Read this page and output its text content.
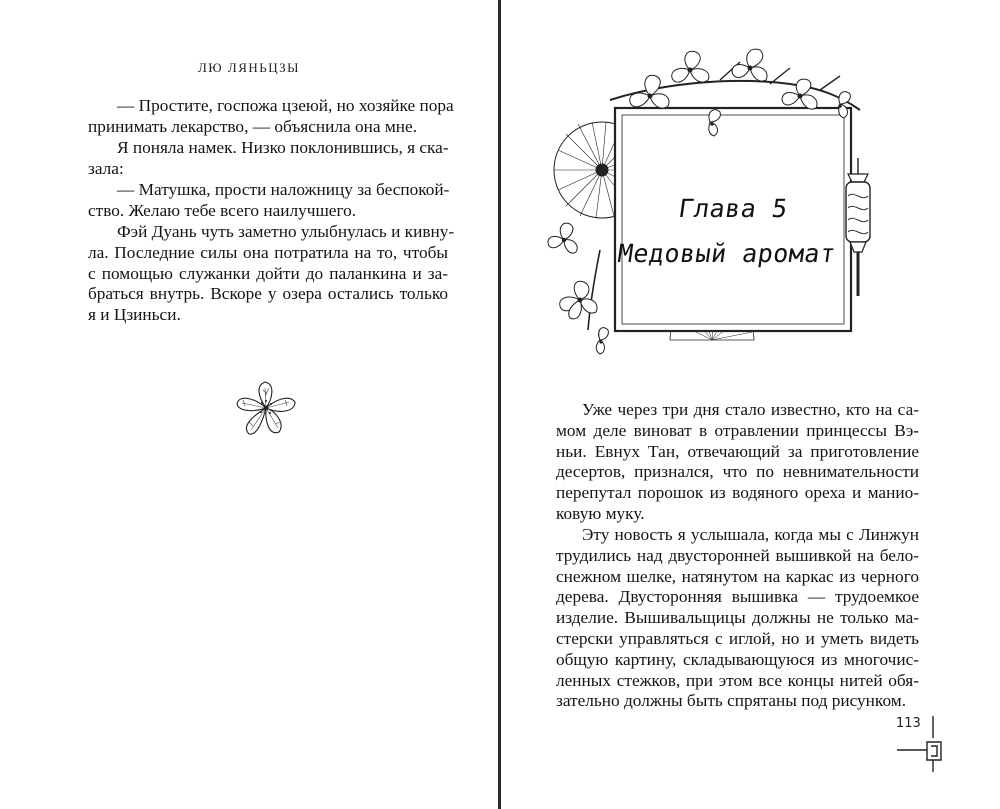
ЛЮ ЛЯНЬЦЗЫ
— Простите, госпожа цзеюй, но хозяйке пора
принимать лекарство, — объяснила она мне.
Я поняла намек. Низко поклонившись, я ска-
зала:
— Матушка, прости наложницу за беспокой-
ство. Желаю тебе всего наилучшего.
Фэй Дуань чуть заметно улыбнулась и кивну-
ла. Последние силы она потратила на то, чтобы
с помощью служанки дойти до паланкина и за-
браться внутрь. Вскоре у озера остались только
я и Цзиньси.
Глава 5
Медовый аромат
Уже через три дня стало известно, кто на са-
мом деле виноват в отравлении принцессы Вэ-
ньи. Евнух Тан, отвечающий за приготовление
десертов, признался, что по невнимательности
перепутал порошок из водяного ореха и манио-
ковую муку.
Эту новость я услышала, когда мы с Линжун
трудились над двусторонней вышивкой на бело-
снежном шелке, натянутом на каркас из черного
дерева. Двусторонняя вышивка — трудоемкое
изделие. Вышивальщицы должны не только ма-
стерски управляться с иглой, но и уметь видеть
общую картину, складывающуюся из многочис-
ленных стежков, при этом все концы нитей обя-
зательно должны быть спрятаны под рисунком.
113
